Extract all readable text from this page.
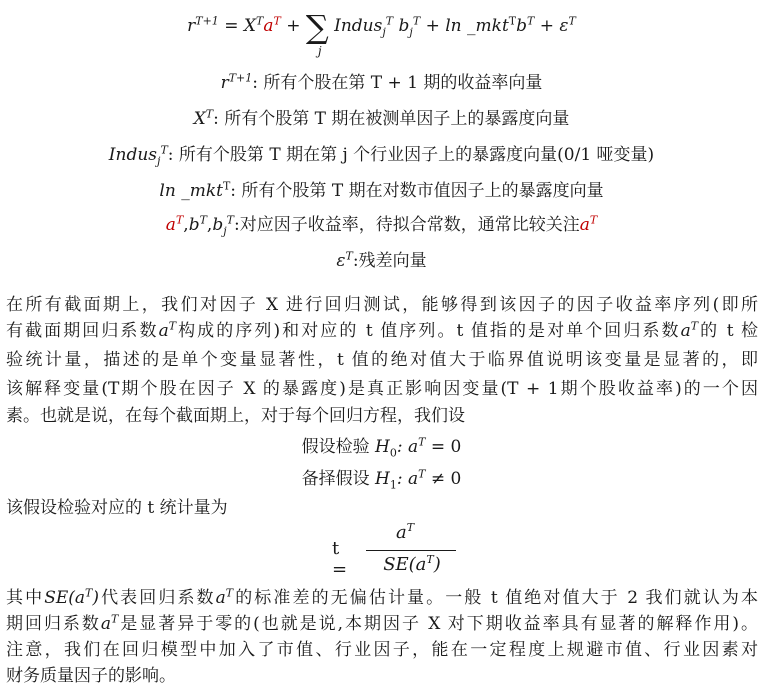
$r^{T+1} = X^Ta^T$ + ∑
j
Indus$_j^T$ $b_j^T + \ln$ $\_mkt^Tb^T + \varepsilon^T$
$r^{T+1}$: 所有个股在第 T + 1 期的收益率向量
$X^T$: 所有个股第 T 期在被测单因子上的暴露度向量
Indus$_j^T$: 所有个股第 T 期在第 j 个行业因子上的暴露度向量(0/1 哑变量)
ln _mkt$^T$: 所有个股第 T 期在对数市值因子上的暴露度向量
$a^T,b^T,b_j^T$:对应因子收益率，待拟合常数，通常比较关注$a^T$
$\varepsilon^T$:残差向量
在所有截面期上，我们对因子 X 进行回归测试，能够得到该因子的因子收益率序列(即所
有截面期回归系数$a^T$构成的序列)和对应的 t 值序列。t 值指的是对单个回归系数$a^T$的 t 检
验统计量，描述的是单个变量显著性，t 值的绝对值大于临界值说明该变量是显著的，即
该解释变量(T期个股在因子 X 的暴露度)是真正影响因变量(T + 1期个股收益率)的一个因
素。也就是说，在每个截面期上，对于每个回归方程，我们设
假设检验 $H_0$: $a^T = 0$
备择假设 $H_1$: $a^T \ne 0$
该假设检验对应的 t 统计量为
t =
$a^T$
$SE(a^T)$
其中$SE(a^T)$代表回归系数$a^T$的标准差的无偏估计量。一般 t 值绝对值大于 2 我们就认为本
期回归系数$a^T$是显著异于零的(也就是说,本期因子 X 对下期收益率具有显著的解释作用)。
注意，我们在回归模型中加入了市值、行业因子，能在一定程度上规避市值、行业因素对
财务质量因子的影响。
